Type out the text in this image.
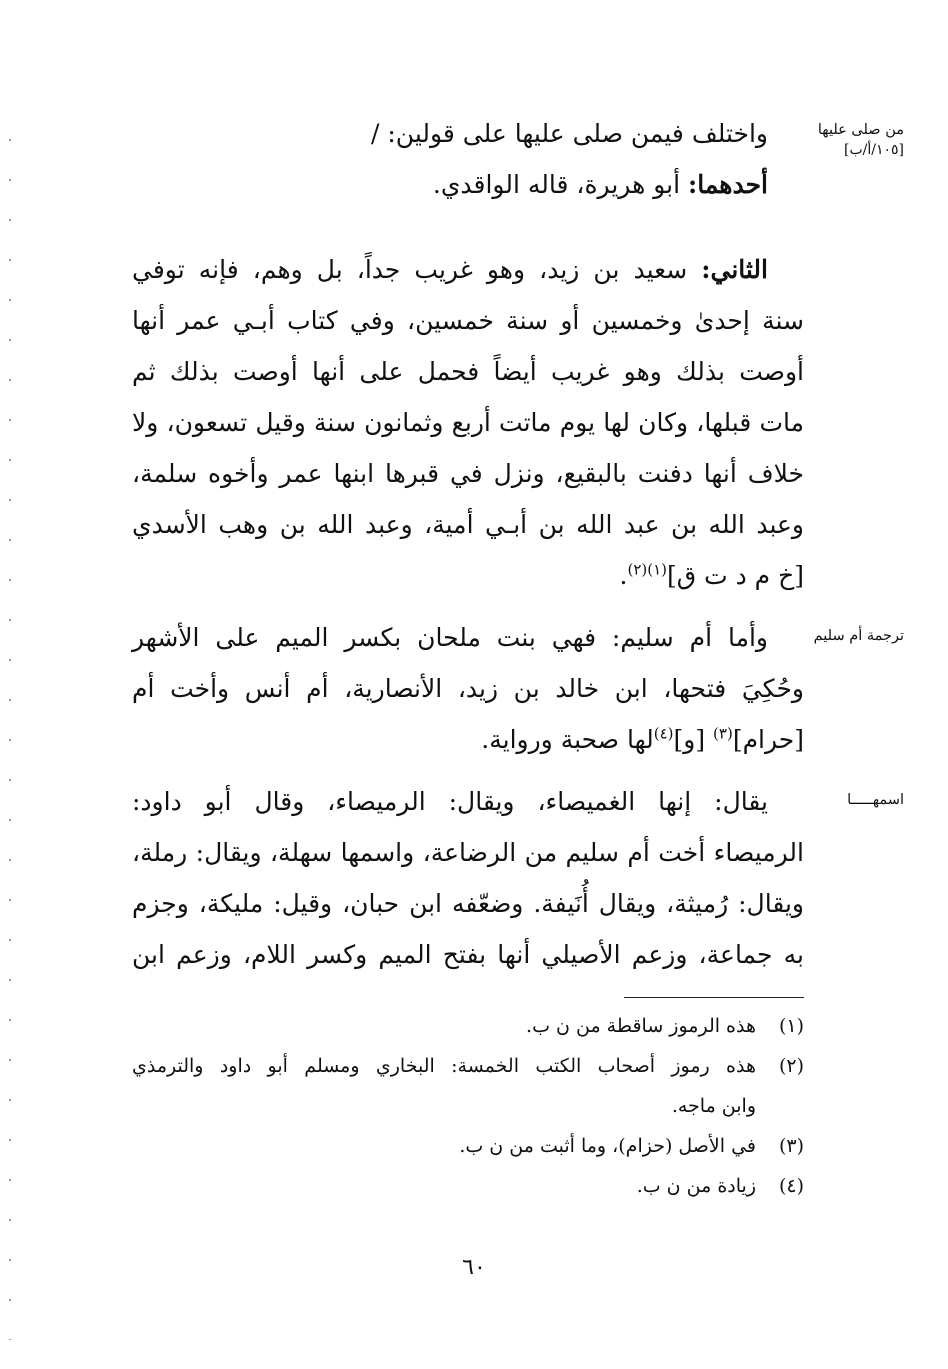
من صلى عليها
[١٠٥/أ/ب]
ترجمة أم سليم
اسمهـــــا
واختلف فيمن صلى عليها على قولين: /
أحدهما: أبو هريرة، قاله الواقدي.
الثاني: سعيد بن زيد، وهو غريب جداً، بل وهم، فإنه توفي
سنة إحدىٰ وخمسين أو سنة خمسين، وفي كتاب أبـي عمر أنها
أوصت بذلك وهو غريب أيضاً فحمل على أنها أوصت بذلك ثم
مات قبلها، وكان لها يوم ماتت أربع وثمانون سنة وقيل تسعون، ولا
خلاف أنها دفنت بالبقيع، ونزل في قبرها ابنها عمر وأخوه سلمة،
وعبد الله بن عبد الله بن أبـي أمية، وعبد الله بن وهب الأسدي
[خ م د ت ق]$^{(١)(٢)}$.
وأما أم سليم: فهي بنت ملحان بكسر الميم على الأشهر
وحُكِيَ فتحها، ابن خالد بن زيد، الأنصارية، أم أنس وأخت أم
[حرام]$^{(٣)}$ [و]$^{(٤)}$لها صحبة ورواية.
يقال: إنها الغميصاء، ويقال: الرميصاء، وقال أبو داود:
الرميصاء أخت أم سليم من الرضاعة، واسمها سهلة، ويقال: رملة،
ويقال: رُميثة، ويقال أُنَيفة. وضعّفه ابن حبان، وقيل: مليكة، وجزم
به جماعة، وزعم الأصيلي أنها بفتح الميم وكسر اللام، وزعم ابن
(١)
هذه الرموز ساقطة من ن ب.
(٢)
هذه رموز أصحاب الكتب الخمسة: البخاري ومسلم أبو داود والترمذي
وابن ماجه.
(٣)
في الأصل (حزام)، وما أثبت من ن ب.
(٤)
زيادة من ن ب.
٦٠
